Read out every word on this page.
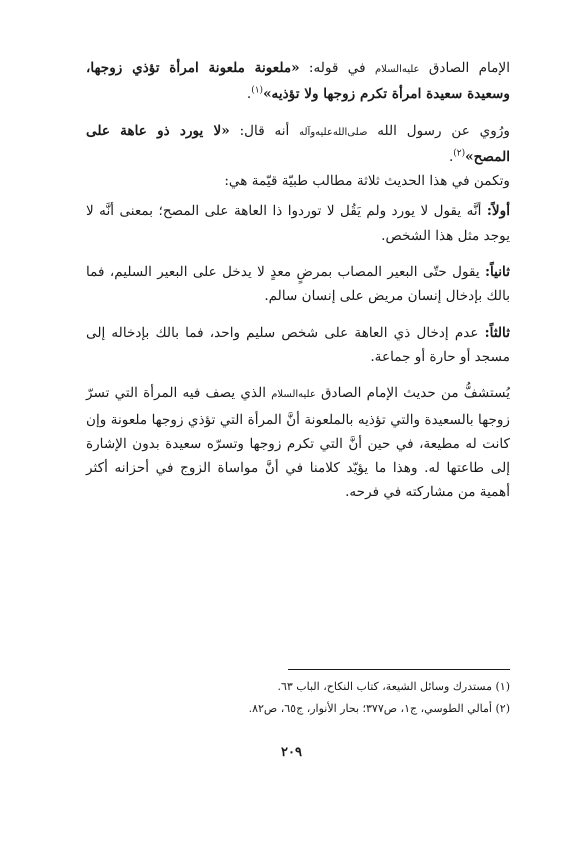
الإمام الصادق عليه‌السلام في قوله: «ملعونة ملعونة امرأة تؤذي زوجها، وسعيدة سعيدة امرأة تكرم زوجها ولا تؤذيه»$^{(١)}$.

ورُوي عن رسول الله صلى‌الله‌عليه‌وآله أنه قال: «لا يورد ذو عاهة على المصح»$^{(٢)}$.

وتكمن في هذا الحديث ثلاثة مطالب طبيّة قيّمة هي:

أولاً: أنَّه يقول لا يورد ولم يَقُل لا توردوا ذا العاهة على المصح؛ بمعنى أنَّه لا يوجد مثل هذا الشخص.

ثانياً: يقول حتّى البعير المصاب بمرضٍ معدٍ لا يدخل على البعير السليم، فما بالك بإدخال إنسان مريض على إنسان سالم.

ثالثاً: عدم إدخال ذي العاهة على شخص سليم واحد، فما بالك بإدخاله إلى مسجد أو حارة أو جماعة.

يُستشفُّ من حديث الإمام الصادق عليه‌السلام الذي يصف فيه المرأة التي تسرّ زوجها بالسعيدة والتي تؤذيه بالملعونة أنَّ المرأة التي تؤذي زوجها ملعونة وإن كانت له مطيعة، في حين أنَّ التي تكرم زوجها وتسرّه سعيدة بدون الإشارة إلى طاعتها له. وهذا ما يؤيّد كلامنا في أنَّ مواساة الزوج في أحزانه أكثر أهمية من مشاركته في فرحه.

(١) مستدرك وسائل الشيعة، كتاب النكاح، الباب ٦٣.

(٢) أمالي الطوسي، ج١، ص٣٧٧؛ بحار الأنوار، ج٦٥، ص٨٢.

٢٠٩
